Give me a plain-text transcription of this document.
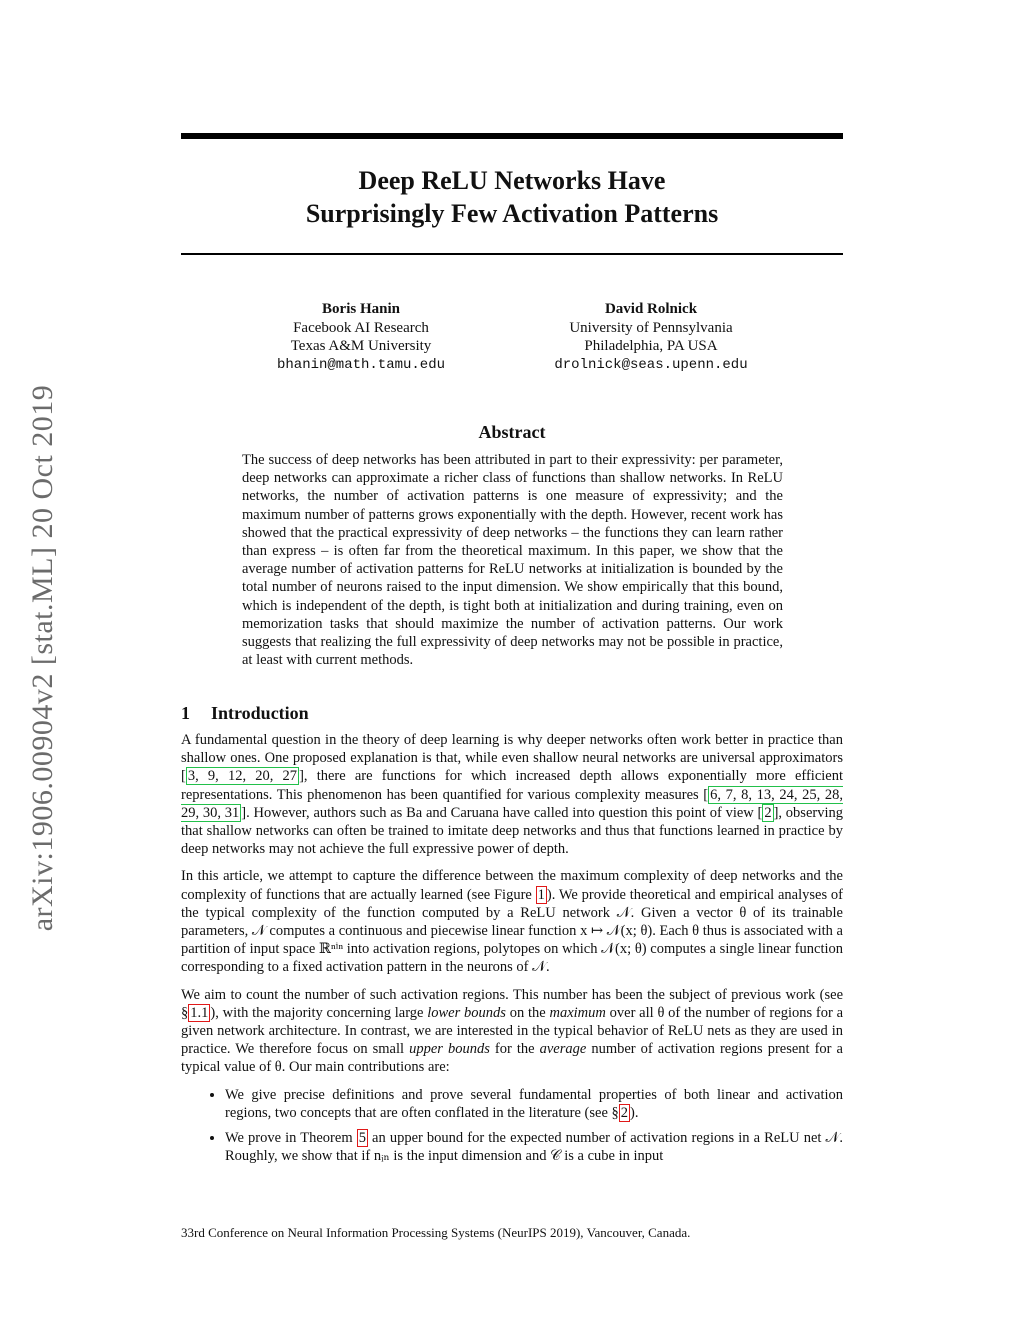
arXiv:1906.00904v2 [stat.ML] 20 Oct 2019
Deep ReLU Networks Have
Surprisingly Few Activation Patterns
Boris Hanin
Facebook AI Research
Texas A&M University
bhanin@math.tamu.edu
David Rolnick
University of Pennsylvania
Philadelphia, PA USA
drolnick@seas.upenn.edu
Abstract
The success of deep networks has been attributed in part to their expressivity: per parameter, deep networks can approximate a richer class of functions than shallow networks. In ReLU networks, the number of activation patterns is one measure of expressivity; and the maximum number of patterns grows exponentially with the depth. However, recent work has showed that the practical expressivity of deep networks – the functions they can learn rather than express – is often far from the theoretical maximum. In this paper, we show that the average number of activation patterns for ReLU networks at initialization is bounded by the total number of neurons raised to the input dimension. We show empirically that this bound, which is independent of the depth, is tight both at initialization and during training, even on memorization tasks that should maximize the number of activation patterns. Our work suggests that realizing the full expressivity of deep networks may not be possible in practice, at least with current methods.
1 Introduction

A fundamental question in the theory of deep learning is why deeper networks often work better in practice than shallow ones. One proposed explanation is that, while even shallow neural networks are universal approximators [ 3, 9, 12, 20, 27 ], there are functions for which increased depth allows exponentially more efficient representations. This phenomenon has been quantified for various complexity measures [ 6, 7, 8, 13, 24, 25, 28, 29, 30, 31 ]. However, authors such as Ba and Caruana have called into question this point of view [ 2 ], observing that shallow networks can often be trained to imitate deep networks and thus that functions learned in practice by deep networks may not achieve the full expressive power of depth.

In this article, we attempt to capture the difference between the maximum complexity of deep networks and the complexity of functions that are actually learned (see Figure 1 ). We provide theoretical and empirical analyses of the typical complexity of the function computed by a ReLU network 𝒩. Given a vector θ of its trainable parameters, 𝒩 computes a continuous and piecewise linear function x ↦ 𝒩(x; θ). Each θ thus is associated with a partition of input space ℝⁿⁱⁿ into activation regions, polytopes on which 𝒩(x; θ) computes a single linear function corresponding to a fixed activation pattern in the neurons of 𝒩.

We aim to count the number of such activation regions. This number has been the subject of previous work (see § 1.1 ), with the majority concerning large lower bounds on the maximum over all θ of the number of regions for a given network architecture. In contrast, we are interested in the typical behavior of ReLU nets as they are used in practice. We therefore focus on small upper bounds for the average number of activation regions present for a typical value of θ. Our main contributions are:

• We give precise definitions and prove several fundamental properties of both linear and activation regions, two concepts that are often conflated in the literature (see § 2 ).
• We prove in Theorem 5 an upper bound for the expected number of activation regions in a ReLU net 𝒩. Roughly, we show that if nᵢₙ is the input dimension and 𝒞 is a cube in input
33rd Conference on Neural Information Processing Systems (NeurIPS 2019), Vancouver, Canada.
